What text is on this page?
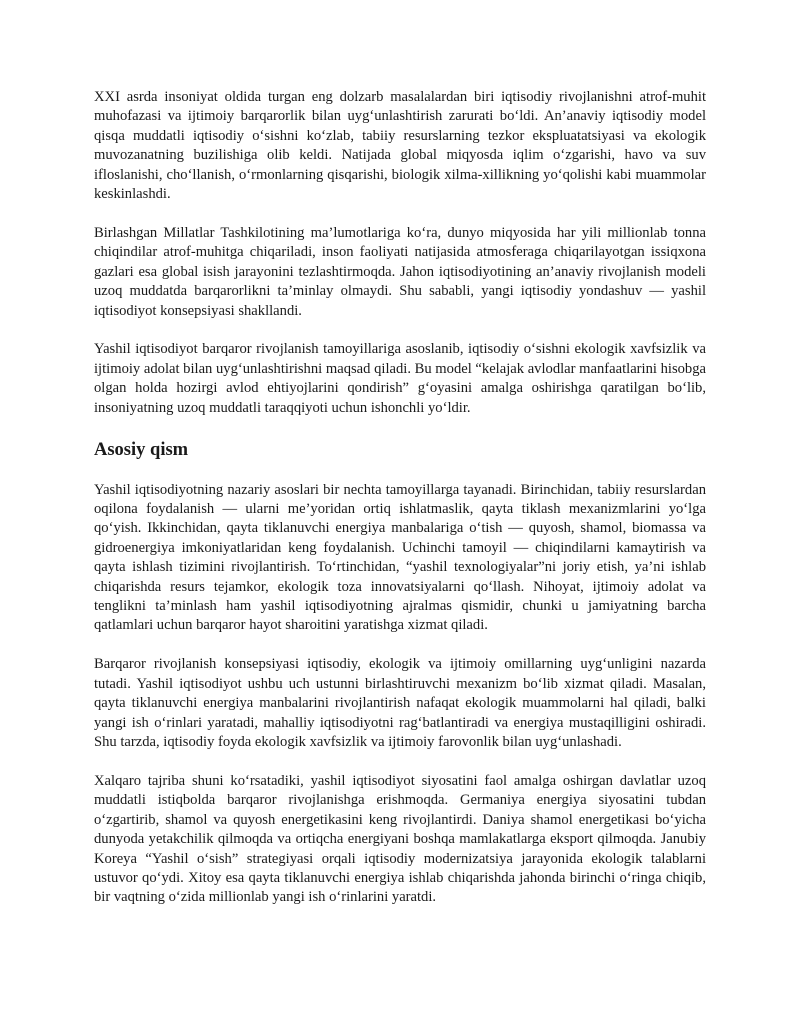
XXI asrda insoniyat oldida turgan eng dolzarb masalalardan biri iqtisodiy rivojlanishni atrof-muhit muhofazasi va ijtimoiy barqarorlik bilan uyg‘unlashtirish zarurati bo‘ldi. An’anaviy iqtisodiy model qisqa muddatli iqtisodiy o‘sishni ko‘zlab, tabiiy resurslarning tezkor ekspluatatsiyasi va ekologik muvozanatning buzilishiga olib keldi. Natijada global miqyosda iqlim o‘zgarishi, havo va suv ifloslanishi, cho‘llanish, o‘rmonlarning qisqarishi, biologik xilma-xillikning yo‘qolishi kabi muammolar keskinlashdi.

Birlashgan Millatlar Tashkilotining ma’lumotlariga ko‘ra, dunyo miqyosida har yili millionlab tonna chiqindilar atrof-muhitga chiqariladi, inson faoliyati natijasida atmosferaga chiqarilayotgan issiqxona gazlari esa global isish jarayonini tezlashtirmoqda. Jahon iqtisodiyotining an’anaviy rivojlanish modeli uzoq muddatda barqarorlikni ta’minlay olmaydi. Shu sababli, yangi iqtisodiy yondashuv — yashil iqtisodiyot konsepsiyasi shakllandi.

Yashil iqtisodiyot barqaror rivojlanish tamoyillariga asoslanib, iqtisodiy o‘sishni ekologik xavfsizlik va ijtimoiy adolat bilan uyg‘unlashtirishni maqsad qiladi. Bu model “kelajak avlodlar manfaatlarini hisobga olgan holda hozirgi avlod ehtiyojlarini qondirish” g‘oyasini amalga oshirishga qaratilgan bo‘lib, insoniyatning uzoq muddatli taraqqiyoti uchun ishonchli yo‘ldir.

Asosiy qism

Yashil iqtisodiyotning nazariy asoslari bir nechta tamoyillarga tayanadi. Birinchidan, tabiiy resurslardan oqilona foydalanish — ularni me’yoridan ortiq ishlatmaslik, qayta tiklash mexanizmlarini yo‘lga qo‘yish. Ikkinchidan, qayta tiklanuvchi energiya manbalariga o‘tish — quyosh, shamol, biomassa va gidroenergiya imkoniyatlaridan keng foydalanish. Uchinchi tamoyil — chiqindilarni kamaytirish va qayta ishlash tizimini rivojlantirish. To‘rtinchidan, “yashil texnologiyalar”ni joriy etish, ya’ni ishlab chiqarishda resurs tejamkor, ekologik toza innovatsiyalarni qo‘llash. Nihoyat, ijtimoiy adolat va tenglikni ta’minlash ham yashil iqtisodiyotning ajralmas qismidir, chunki u jamiyatning barcha qatlamlari uchun barqaror hayot sharoitini yaratishga xizmat qiladi.

Barqaror rivojlanish konsepsiyasi iqtisodiy, ekologik va ijtimoiy omillarning uyg‘unligini nazarda tutadi. Yashil iqtisodiyot ushbu uch ustunni birlashtiruvchi mexanizm bo‘lib xizmat qiladi. Masalan, qayta tiklanuvchi energiya manbalarini rivojlantirish nafaqat ekologik muammolarni hal qiladi, balki yangi ish o‘rinlari yaratadi, mahalliy iqtisodiyotni rag‘batlantiradi va energiya mustaqilligini oshiradi. Shu tarzda, iqtisodiy foyda ekologik xavfsizlik va ijtimoiy farovonlik bilan uyg‘unlashadi.

Xalqaro tajriba shuni ko‘rsatadiki, yashil iqtisodiyot siyosatini faol amalga oshirgan davlatlar uzoq muddatli istiqbolda barqaror rivojlanishga erishmoqda. Germaniya energiya siyosatini tubdan o‘zgartirib, shamol va quyosh energetikasini keng rivojlantirdi. Daniya shamol energetikasi bo‘yicha dunyoda yetakchilik qilmoqda va ortiqcha energiyani boshqa mamlakatlarga eksport qilmoqda. Janubiy Koreya “Yashil o‘sish” strategiyasi orqali iqtisodiy modernizatsiya jarayonida ekologik talablarni ustuvor qo‘ydi. Xitoy esa qayta tiklanuvchi energiya ishlab chiqarishda jahonda birinchi o‘ringa chiqib, bir vaqtning o‘zida millionlab yangi ish o‘rinlarini yaratdi.
